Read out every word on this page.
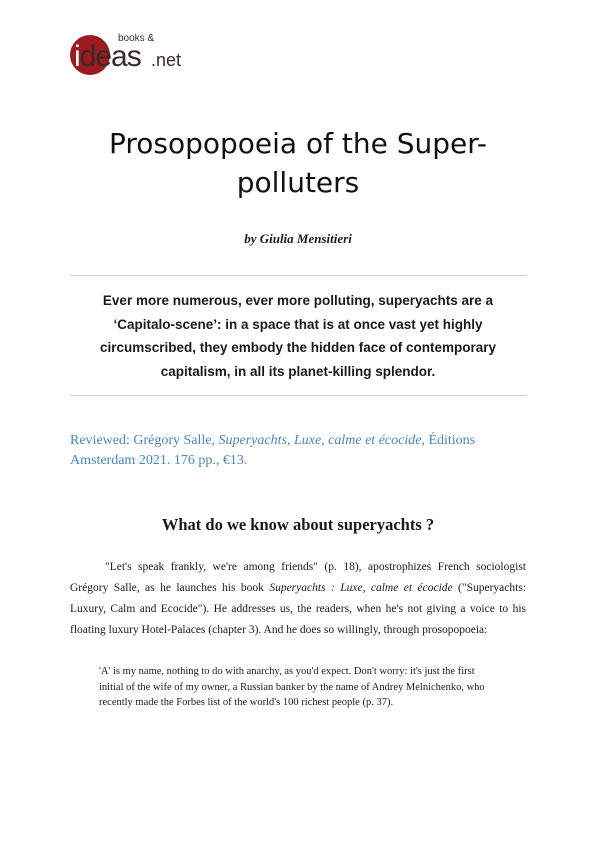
books &
ideas .net
Prosopopoeia of the Super-polluters
by Giulia Mensitieri

Ever more numerous, ever more polluting, superyachts are a ‘Capitalo-scene’: in a space that is at once vast yet highly circumscribed, they embody the hidden face of contemporary capitalism, in all its planet-killing splendor.

Reviewed: Grégory Salle, Superyachts, Luxe, calme et écocide, Éditions Amsterdam 2021. 176 pp., €13.

What do we know about superyachts ?

"Let's speak frankly, we're among friends" (p. 18), apostrophizes French sociologist Grégory Salle, as he launches his book Superyachts : Luxe, calme et écocide ("Superyachts: Luxury, Calm and Ecocide"). He addresses us, the readers, when he's not giving a voice to his floating luxury Hotel-Palaces (chapter 3). And he does so willingly, through prosopopoeia:

'A' is my name, nothing to do with anarchy, as you'd expect. Don't worry: it's just the first initial of the wife of my owner, a Russian banker by the name of Andrey Melnichenko, who recently made the Forbes list of the world's 100 richest people (p. 37).
